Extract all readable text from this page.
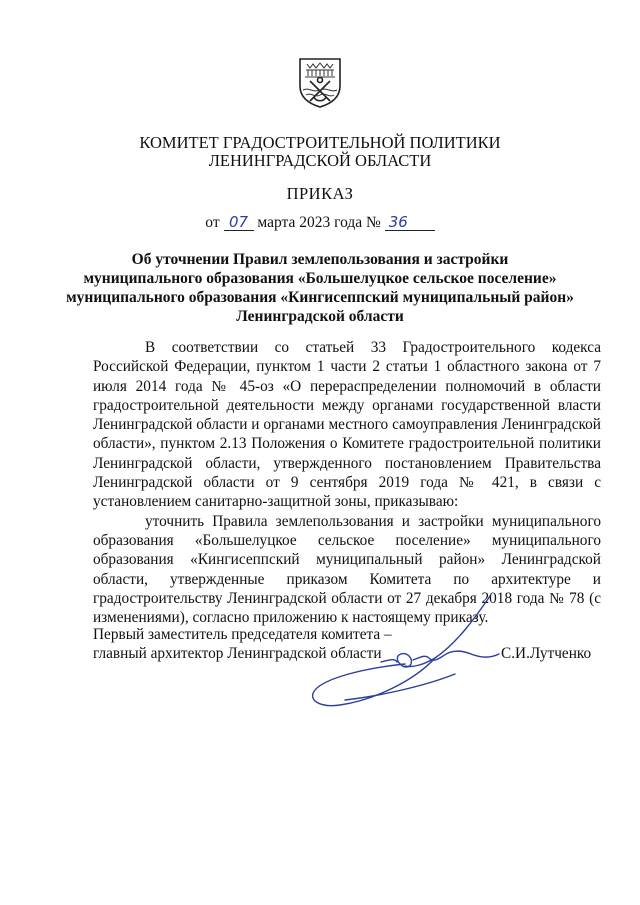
КОМИТЕТ ГРАДОСТРОИТЕЛЬНОЙ ПОЛИТИКИ
ЛЕНИНГРАДСКОЙ ОБЛАСТИ
ПРИКАЗ
от 07 марта 2023 года № 36
Об уточнении Правил землепользования и застройки
муниципального образования «Большелуцкое сельское поселение»
муниципального образования «Кингисеппский муниципальный район»
Ленинградской области

В соответствии со статьей 33 Градостроительного кодекса Российской Федерации, пунктом 1 части 2 статьи 1 областного закона от 7 июля 2014 года № 45-оз «О перераспределении полномочий в области градостроительной деятельности между органами государственной власти Ленинградской области и органами местного самоуправления Ленинградской области», пунктом 2.13 Положения о Комитете градостроительной политики Ленинградской области, утвержденного постановлением Правительства Ленинградской области от 9 сентября 2019 года № 421, в связи с установлением санитарно-защитной зоны, приказываю:

уточнить Правила землепользования и застройки муниципального образования «Большелуцкое сельское поселение» муниципального образования «Кингисеппский муниципальный район» Ленинградской области, утвержденные приказом Комитета по архитектуре и градостроительству Ленинградской области от 27 декабря 2018 года № 78 (с изменениями), согласно приложению к настоящему приказу.

Первый заместитель председателя комитета –
главный архитектор Ленинградской области	С.И.Лутченко
